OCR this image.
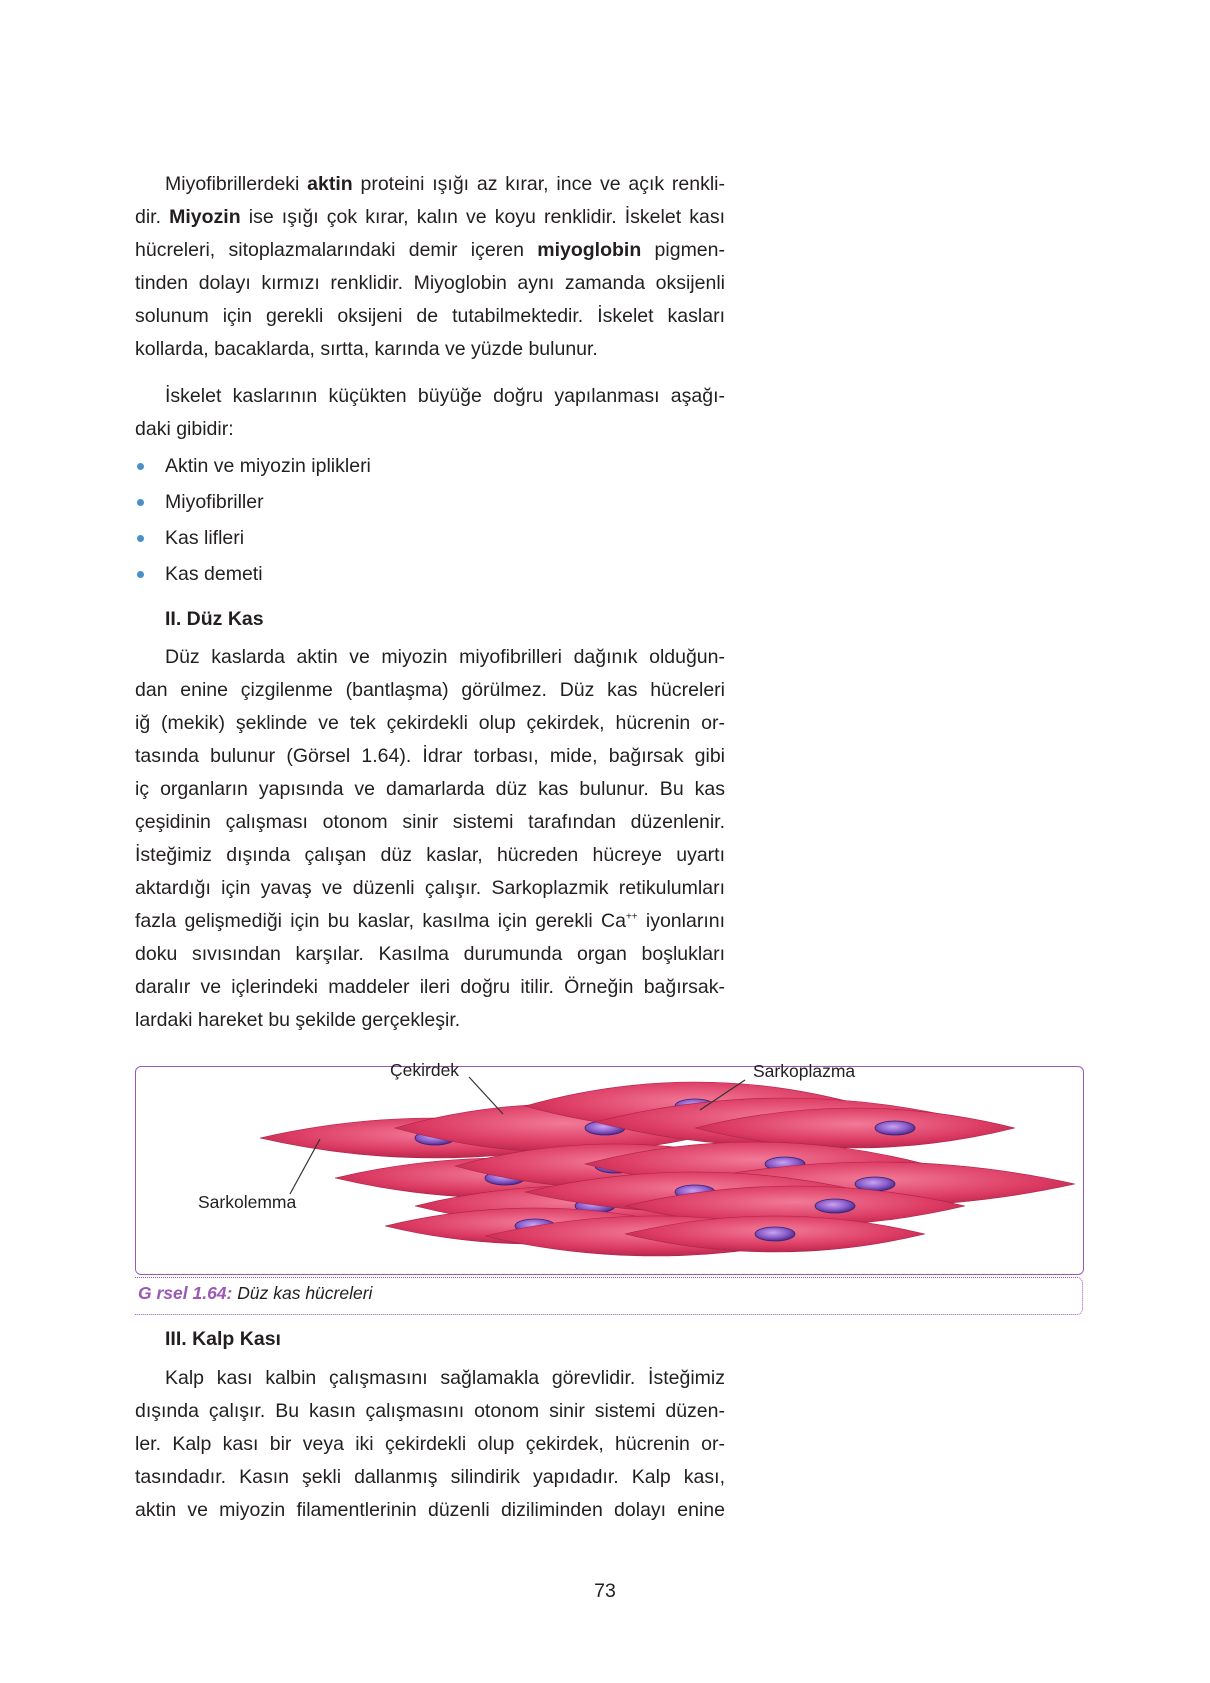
Miyofibrillerdeki aktin proteini ışığı az kırar, ince ve açık renkli-
dir. Miyozin ise ışığı çok kırar, kalın ve koyu renklidir. İskelet kası
hücreleri, sitoplazmalarındaki demir içeren miyoglobin pigmen-
tinden dolayı kırmızı renklidir. Miyoglobin aynı zamanda oksijenli
solunum için gerekli oksijeni de tutabilmektedir. İskelet kasları
kollarda, bacaklarda, sırtta, karında ve yüzde bulunur.

İskelet kaslarının küçükten büyüğe doğru yapılanması aşağı-
daki gibidir:

Aktin ve miyozin iplikleri
Miyofibriller
Kas lifleri
Kas demeti
II. Düz Kas

Düz kaslarda aktin ve miyozin miyofibrilleri dağınık olduğun-
dan enine çizgilenme (bantlaşma) görülmez. Düz kas hücreleri
iğ (mekik) şeklinde ve tek çekirdekli olup çekirdek, hücrenin or-
tasında bulunur (Görsel 1.64). İdrar torbası, mide, bağırsak gibi
iç organların yapısında ve damarlarda düz kas bulunur. Bu kas
çeşidinin çalışması otonom sinir sistemi tarafından düzenlenir.
İsteğimiz dışında çalışan düz kaslar, hücreden hücreye uyartı
aktardığı için yavaş ve düzenli çalışır. Sarkoplazmik retikulumları
fazla gelişmediği için bu kaslar, kasılma için gerekli Ca++ iyonlarını
doku sıvısından karşılar. Kasılma durumunda organ boşlukları
daralır ve içlerindeki maddeler ileri doğru itilir. Örneğin bağırsak-
lardaki hareket bu şekilde gerçekleşir.

Çekirdek	Sarkoplazma
Sarkolemma
G rsel 1.64: Düz kas hücreleri
III. Kalp Kası

Kalp kası kalbin çalışmasını sağlamakla görevlidir. İsteğimiz
dışında çalışır. Bu kasın çalışmasını otonom sinir sistemi düzen-
ler. Kalp kası bir veya iki çekirdekli olup çekirdek, hücrenin or-
tasındadır. Kasın şekli dallanmış silindirik yapıdadır. Kalp kası,
aktin ve miyozin filamentlerinin düzenli diziliminden dolayı enine

73
